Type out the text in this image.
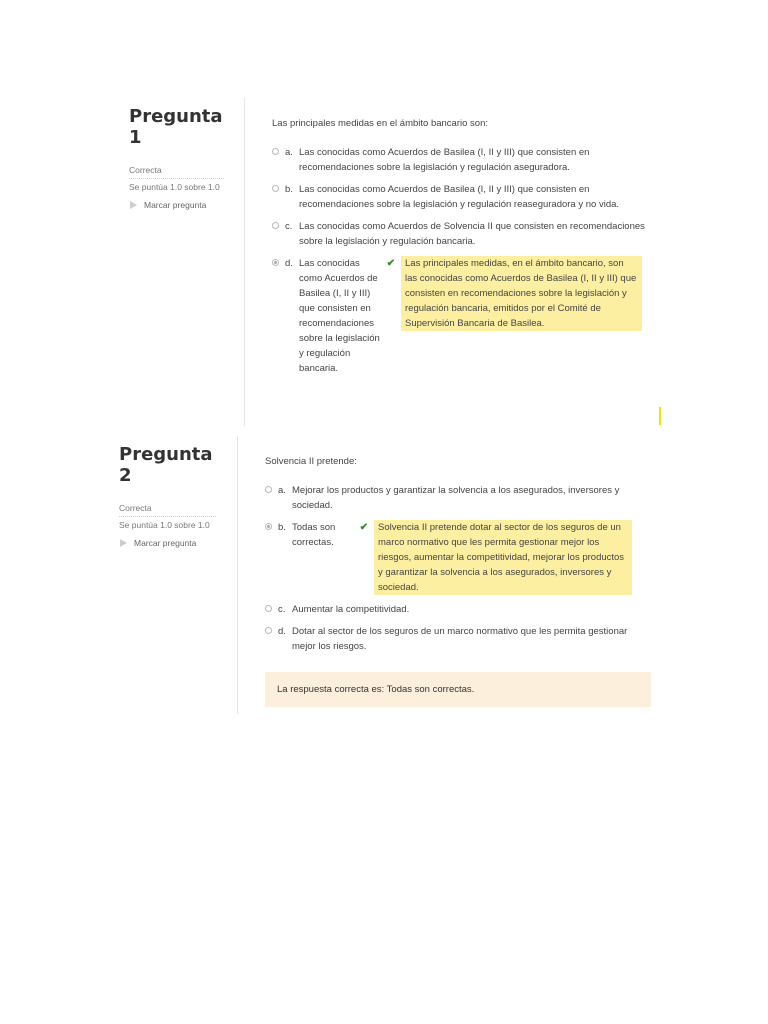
Pregunta 1
Correcta
Se puntúa 1.0 sobre 1.0
Marcar pregunta
Las principales medidas en el ámbito bancario son:
a. Las conocidas como Acuerdos de Basilea (I, II y III) que consisten en recomendaciones sobre la legislación y regulación aseguradora.
b. Las conocidas como Acuerdos de Basilea (I, II y III) que consisten en recomendaciones sobre la legislación y regulación reaseguradora y no vida.
c. Las conocidas como Acuerdos de Solvencia II que consisten en recomendaciones sobre la legislación y regulación bancaria.
d. Las conocidas como Acuerdos de Basilea (I, II y III) que consisten en recomendaciones sobre la legislación y regulación bancaria.
✔	Las principales medidas, en el ámbito bancario, son las conocidas como Acuerdos de Basilea (I, II y III) que consisten en recomendaciones sobre la legislación y regulación bancaria, emitidos por el Comité de Supervisión Bancaria de Basilea.
Pregunta 2
Correcta
Se puntúa 1.0 sobre 1.0
Marcar pregunta
Solvencia II pretende:
a. Mejorar los productos y garantizar la solvencia a los asegurados, inversores y sociedad.
b. Todas son correctas.
✔	Solvencia II pretende dotar al sector de los seguros de un marco normativo que les permita gestionar mejor los riesgos, aumentar la competitividad, mejorar los productos y garantizar la solvencia a los asegurados, inversores y sociedad.
c. Aumentar la competitividad.
d. Dotar al sector de los seguros de un marco normativo que les permita gestionar mejor los riesgos.
La respuesta correcta es: Todas son correctas.
